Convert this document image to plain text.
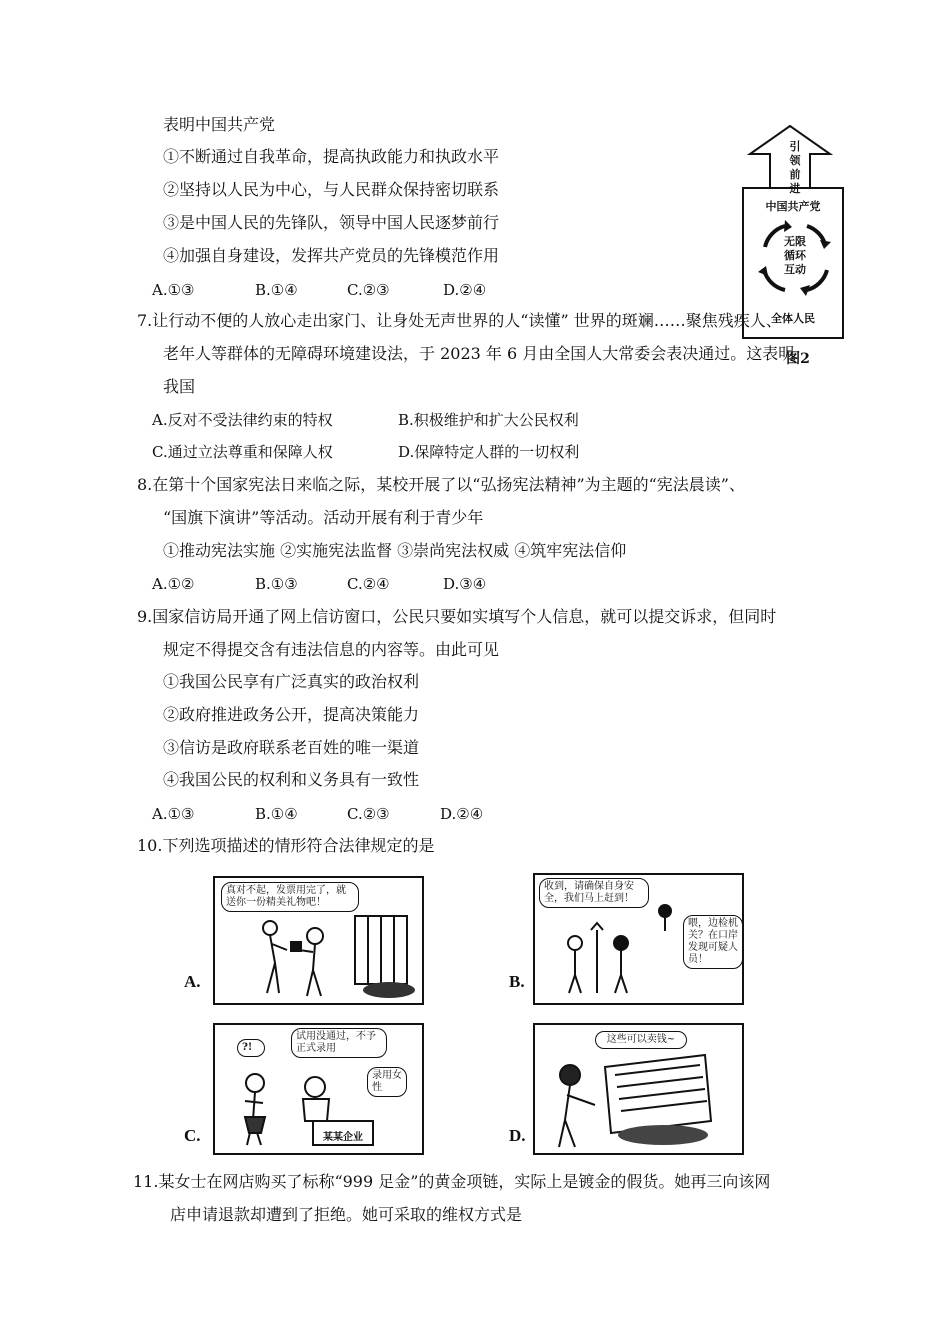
表明中国共产党
①不断通过自我革命，提高执政能力和执政水平
②坚持以人民为中心，与人民群众保持密切联系
③是中国人民的先锋队，领导中国人民逐梦前行
④加强自身建设，发挥共产党员的先锋模范作用
A.①③	B.①④	C.②③	D.②④
引
领
前
进
中国共产党
无限
循环
互动
全体人民
图2
7.让行动不便的人放心走出家门、让身处无声世界的人“读懂” 世界的斑斓……聚焦残疾人、
老年人等群体的无障碍环境建设法，于 2023 年 6 月由全国人大常委会表决通过。这表明
我国
A.反对不受法律约束的特权	B.积极维护和扩大公民权利
C.通过立法尊重和保障人权	D.保障特定人群的一切权利
8.在第十个国家宪法日来临之际，某校开展了以“弘扬宪法精神”为主题的“宪法晨读”、
“国旗下演讲”等活动。活动开展有利于青少年
①推动宪法实施 ②实施宪法监督 ③崇尚宪法权威 ④筑牢宪法信仰
A.①②	B.①③	C.②④	D.③④
9.国家信访局开通了网上信访窗口，公民只要如实填写个人信息，就可以提交诉求，但同时
规定不得提交含有违法信息的内容等。由此可见
①我国公民享有广泛真实的政治权利
②政府推进政务公开，提高决策能力
③信访是政府联系老百姓的唯一渠道
④我国公民的权利和义务具有一致性
A.①③	B.①④	C.②③	D.②④
10.下列选项描述的情形符合法律规定的是
A.
真对不起，发票用完了，就送你一份精美礼物吧！
B.
收到，请确保自身安全，我们马上赶到！
喂，边检机关？在口岸发现可疑人员！
C.
试用没通过，不予正式录用
?!
录用女性
某某企业	D.
这些可以卖钱~
11.某女士在网店购买了标称“999 足金”的黄金项链，实际上是镀金的假货。她再三向该网
店申请退款却遭到了拒绝。她可采取的维权方式是
